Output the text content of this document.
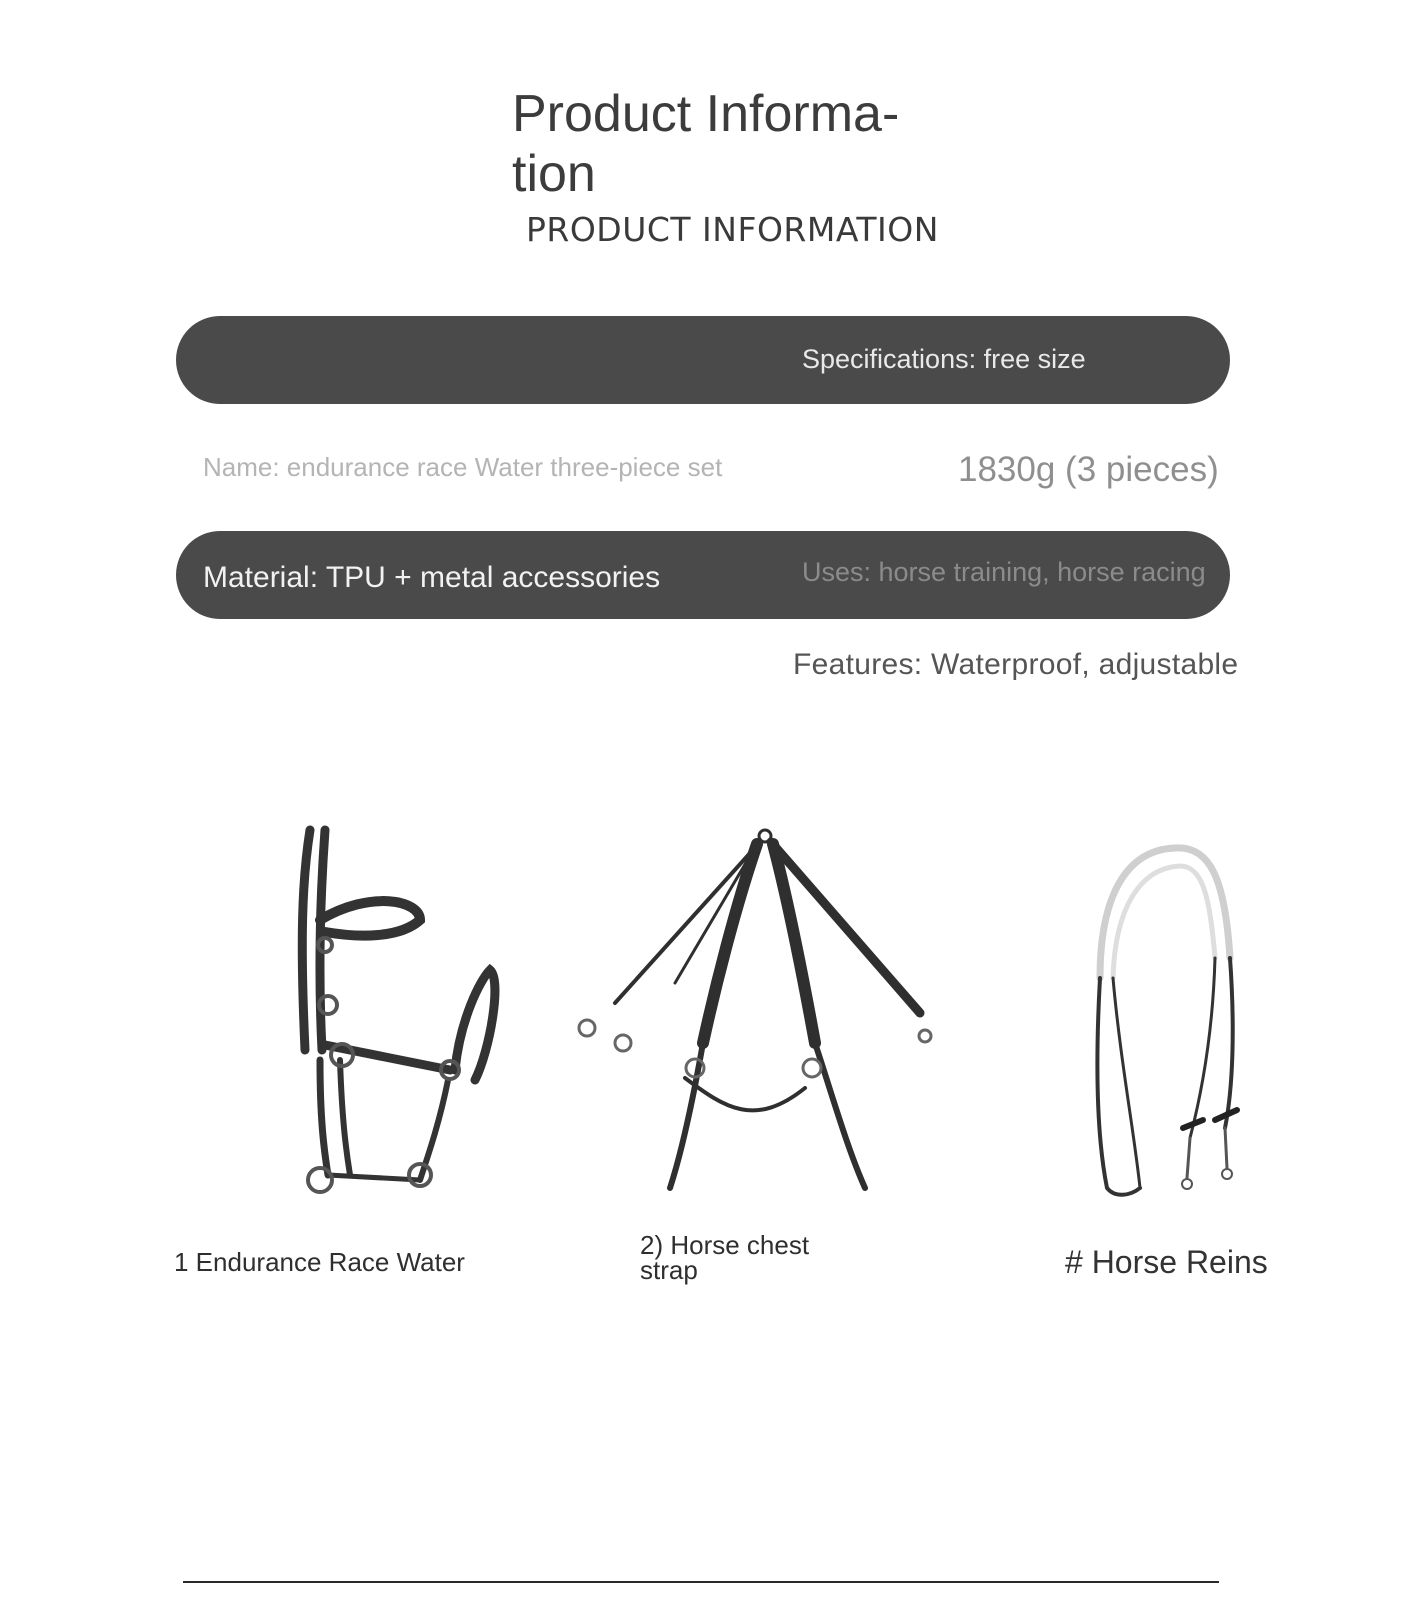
Product Informa-
tion
PRODUCT INFORMATION
Specifications: free size
Name: endurance race Water three-piece set	1830g (3 pieces)
Material: TPU + metal accessories	Uses: horse training, horse racing
Features: Waterproof, adjustable
1 Endurance Race Water
2) Horse chest
strap	# Horse Reins
